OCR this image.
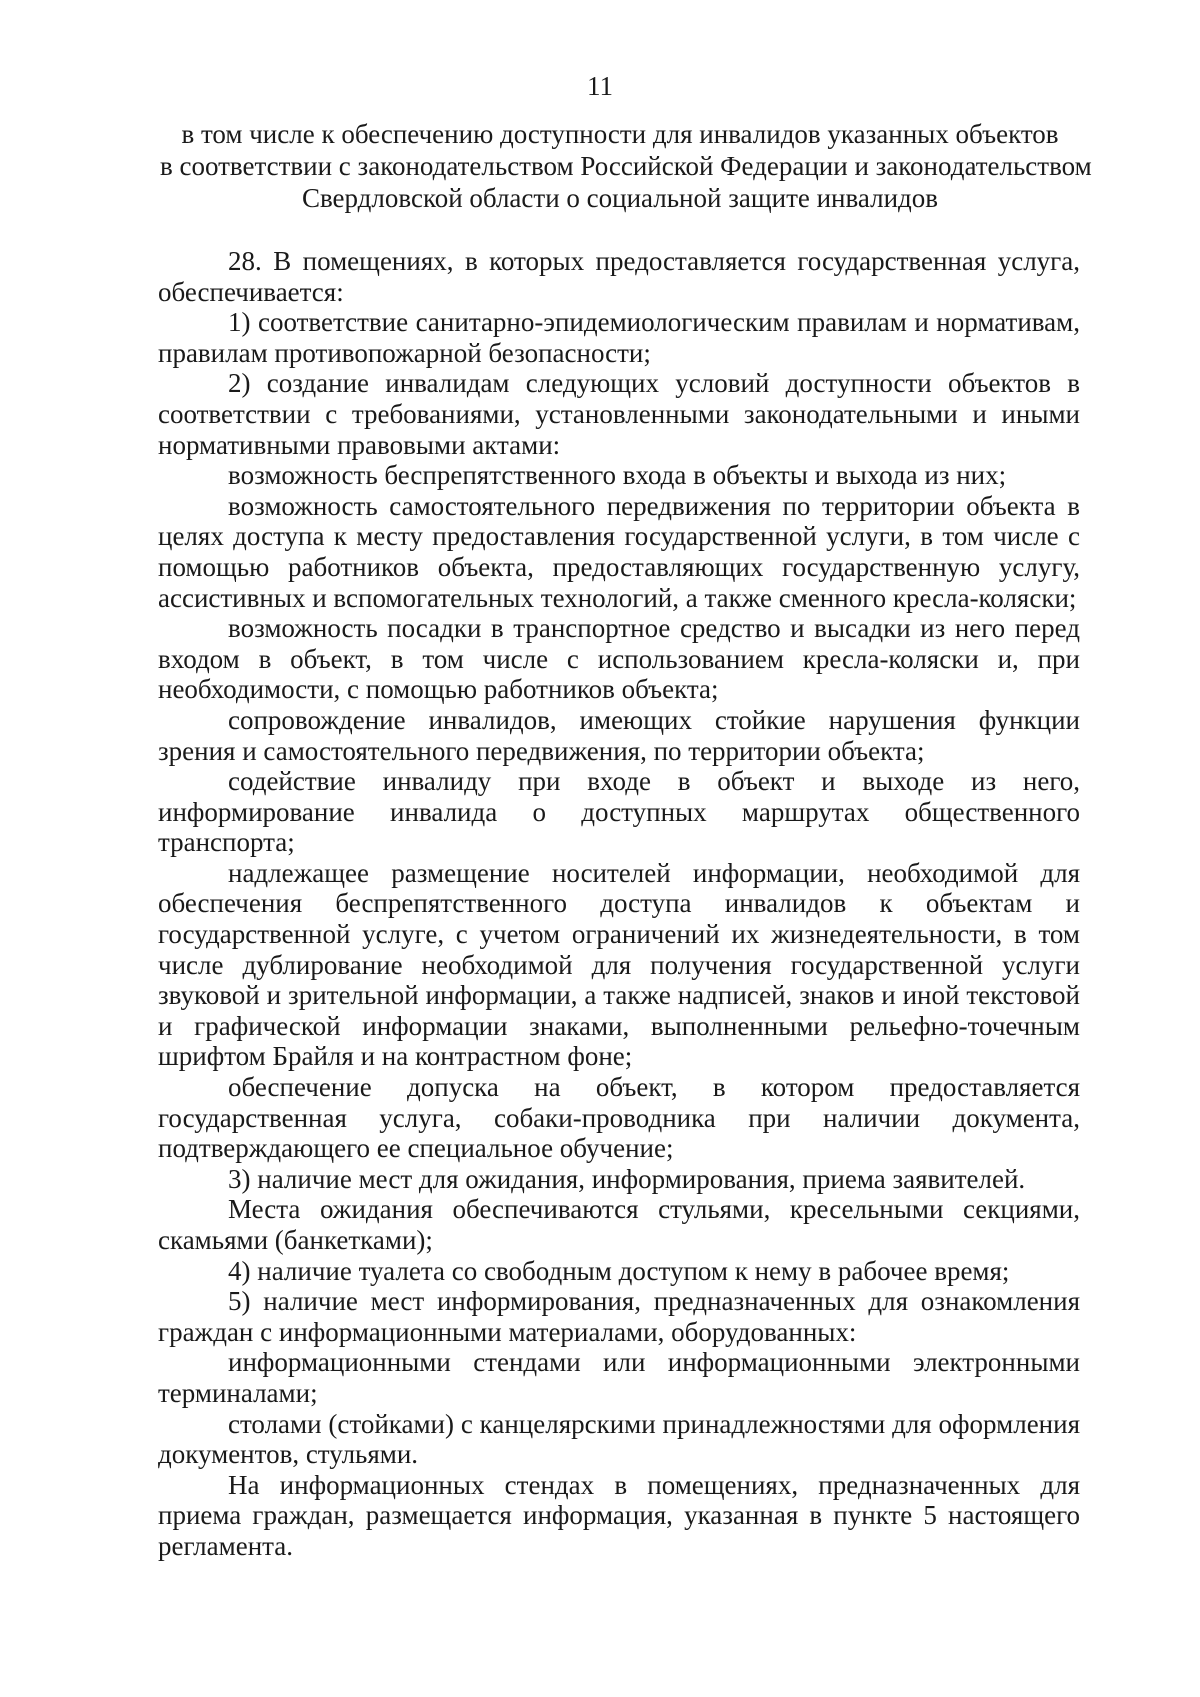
11
в том числе к обеспечению доступности для инвалидов указанных объектов
в соответствии с законодательством Российской Федерации и законодательством
Свердловской области о социальной защите инвалидов

28. В помещениях, в которых предоставляется государственная услуга, обеспечивается:

1) соответствие санитарно-эпидемиологическим правилам и нормативам, правилам противопожарной безопасности;

2) создание инвалидам следующих условий доступности объектов в соответствии с требованиями, установленными законодательными и иными нормативными правовыми актами:

возможность беспрепятственного входа в объекты и выхода из них;

возможность самостоятельного передвижения по территории объекта в целях доступа к месту предоставления государственной услуги, в том числе с помощью работников объекта, предоставляющих государственную услугу, ассистивных и вспомогательных технологий, а также сменного кресла-коляски;

возможность посадки в транспортное средство и высадки из него перед входом в объект, в том числе с использованием кресла-коляски и, при необходимости, с помощью работников объекта;

сопровождение инвалидов, имеющих стойкие нарушения функции зрения и самостоятельного передвижения, по территории объекта;

содействие инвалиду при входе в объект и выходе из него, информирование инвалида о доступных маршрутах общественного транспорта;

надлежащее размещение носителей информации, необходимой для обеспечения беспрепятственного доступа инвалидов к объектам и государственной услуге, с учетом ограничений их жизнедеятельности, в том числе дублирование необходимой для получения государственной услуги звуковой и зрительной информации, а также надписей, знаков и иной текстовой и графической информации знаками, выполненными рельефно-точечным шрифтом Брайля и на контрастном фоне;

обеспечение допуска на объект, в котором предоставляется государственная услуга, собаки-проводника при наличии документа, подтверждающего ее специальное обучение;

3) наличие мест для ожидания, информирования, приема заявителей.

Места ожидания обеспечиваются стульями, кресельными секциями, скамьями (банкетками);

4) наличие туалета со свободным доступом к нему в рабочее время;

5) наличие мест информирования, предназначенных для ознакомления граждан с информационными материалами, оборудованных:

информационными стендами или информационными электронными терминалами;

столами (стойками) с канцелярскими принадлежностями для оформления документов, стульями.

На информационных стендах в помещениях, предназначенных для приема граждан, размещается информация, указанная в пункте 5 настоящего регламента.
